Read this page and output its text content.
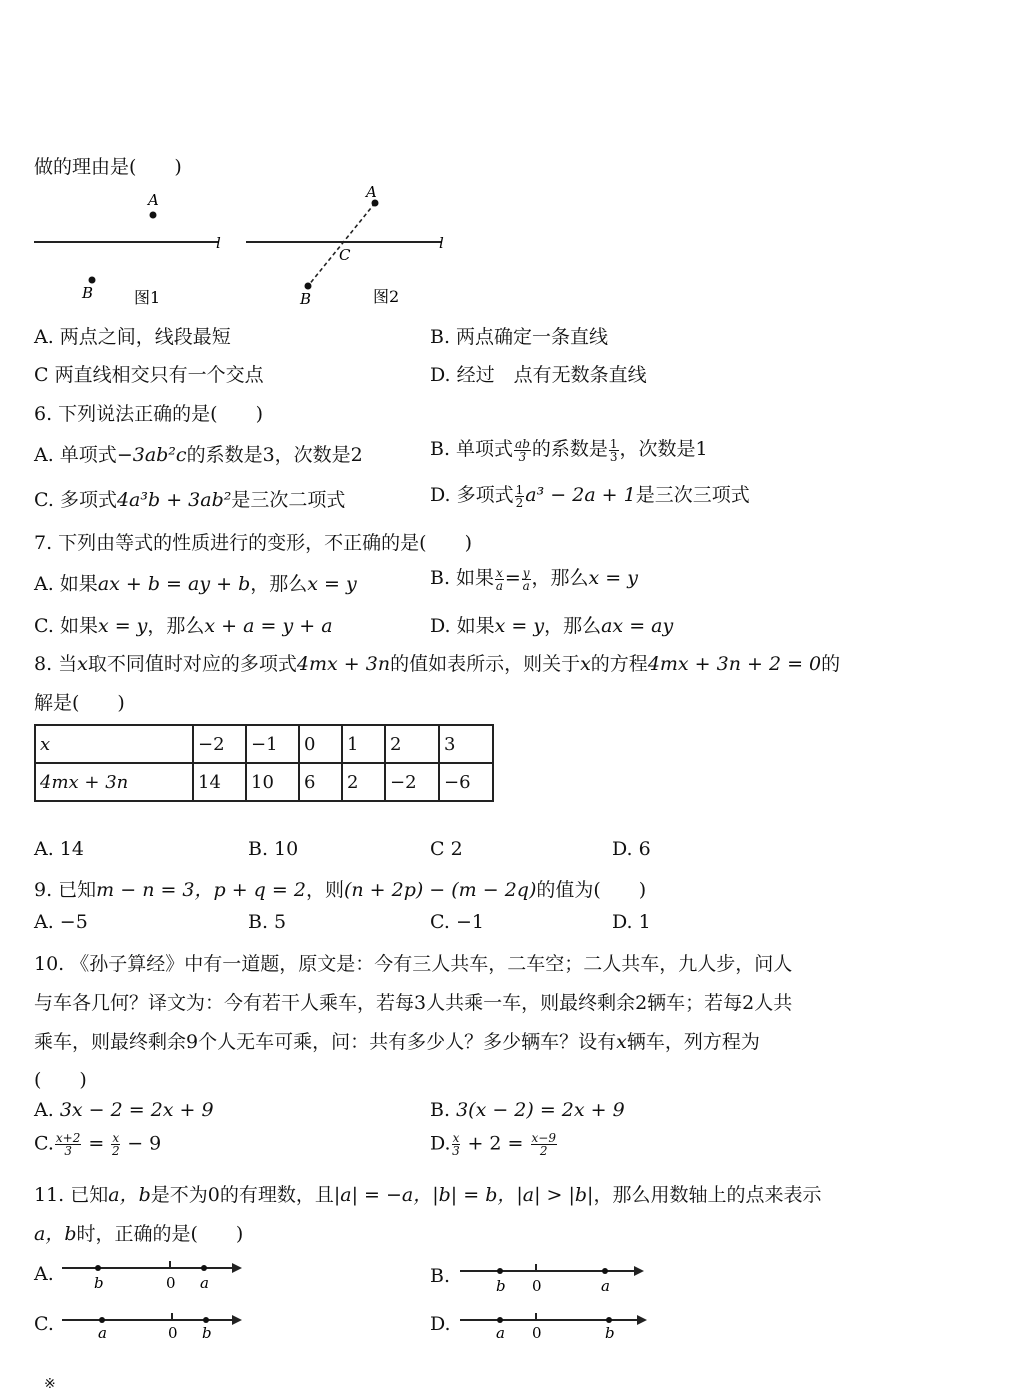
做的理由是(　　)
A
B
l
图1
A
B
C
l
图2
A. 两点之间，线段最短	B. 两点确定一条直线
C 两直线相交只有一个交点	D. 经过　点有无数条直线
6. 下列说法正确的是(　　)
A. 单项式−3ab²c的系数是3，次数是2	B. 单项式 $\frac{ab}{3}$ 的系数是 $\frac{1}{3}$ ，次数是1
C. 多项式4a³b + 3ab²是三次二项式	D. 多项式 $\frac{1}{2} a^3 - 2a + 1$是三次三项式
7. 下列由等式的性质进行的变形，不正确的是(　　)
A. 如果ax + b = ay + b，那么x = y	B. 如果 $\frac{x}{a} = \frac{y}{a}$ ，那么x = y
C. 如果x = y，那么x + a = y + a	D. 如果x = y，那么ax = ay
8. 当x取不同值时对应的多项式4mx + 3n的值如表所示，则关于x的方程4mx + 3n + 2 = 0的
解是(　　)
x	−2	−1	0	1	2	3
4mx + 3n	14	10	6	2	−2	−6
A. 14	B. 10	C 2	D. 6
9. 已知m − n = 3，p + q = 2，则(n + 2p) − (m − 2q)的值为(　　)
A. −5	B. 5	C. −1	D. 1
10. 《孙子算经》中有一道题，原文是：今有三人共车，二车空；二人共车，九人步，问人
与车各几何？译文为：今有若干人乘车，若每3人共乘一车，则最终剩余2辆车；若每2人共
乘车，则最终剩余9个人无车可乘，问：共有多少人？多少辆车？设有x辆车，列方程为
(　　)
A. 3x − 2 = 2x + 9	B. 3(x − 2) = 2x + 9
C. $\frac{x+2}{3} = \frac{x}{2} - 9$	D. $\frac{x}{3} + 2 = \frac{x-9}{2}$
11. 已知a，b是不为0的有理数，且|a| = −a，|b| = b，|a| > |b|，那么用数轴上的点来表示
a，b时，正确的是(　　)
A.	b	0 a	B.	b 0	a
C.	a	0 b	D.	a 0	b
※
